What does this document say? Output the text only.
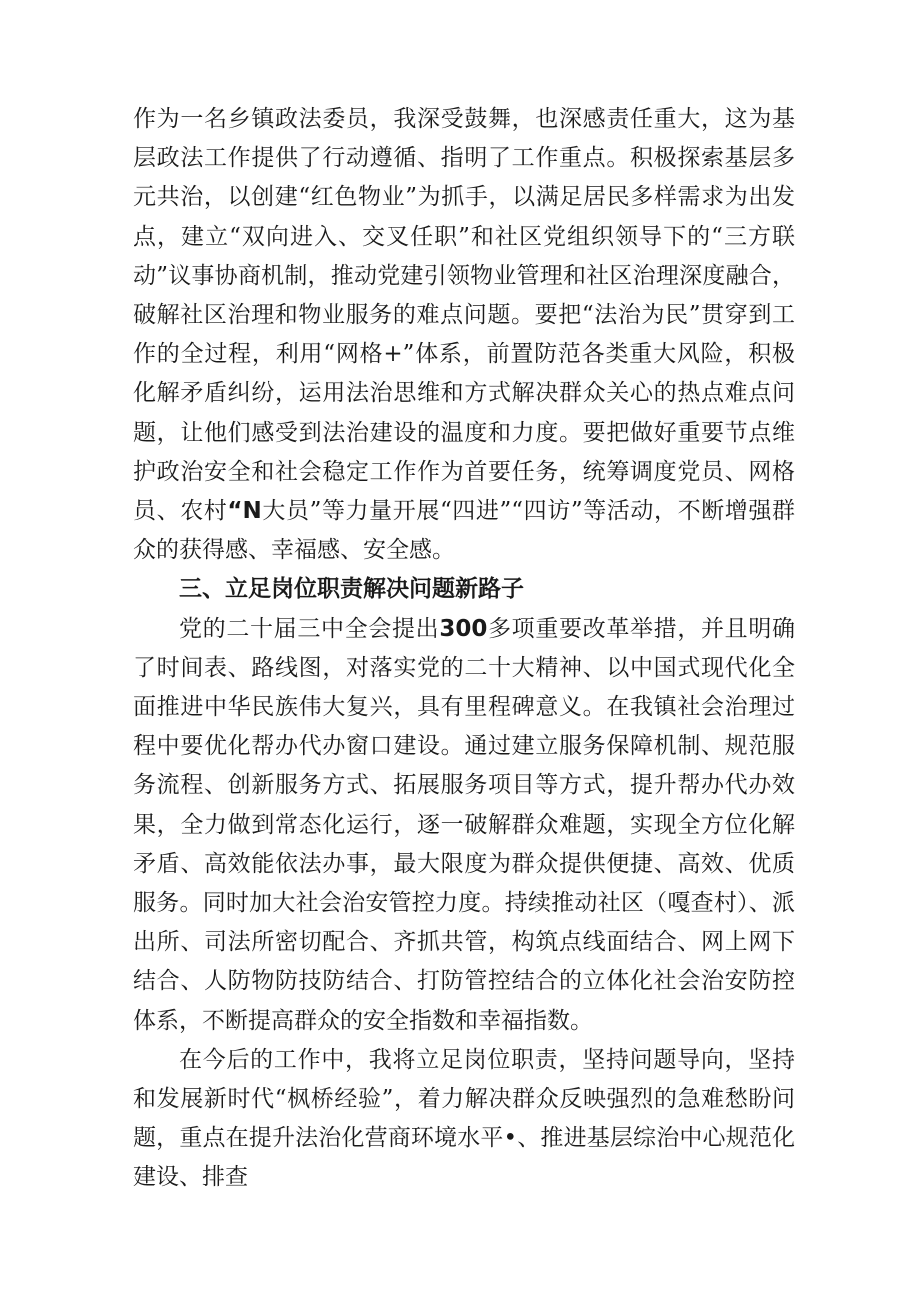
作为一名乡镇政法委员，我深受鼓舞，也深感责任重大，这为基层政法工作提供了行动遵循、指明了工作重点。积极探索基层多元共治，以创建“红色物业”为抓手，以满足居民多样需求为出发点，建立“双向进入、交叉任职”和社区党组织领导下的“三方联动”议事协商机制，推动党建引领物业管理和社区治理深度融合，破解社区治理和物业服务的难点问题。要把“法治为民”贯穿到工作的全过程，利用“网格+”体系，前置防范各类重大风险，积极化解矛盾纠纷，运用法治思维和方式解决群众关心的热点难点问题，让他们感受到法治建设的温度和力度。要把做好重要节点维护政治安全和社会稳定工作作为首要任务，统筹调度党员、网格员、农村“N大员”等力量开展“四进”“四访”等活动，不断增强群众的获得感、幸福感、安全感。

三、立足岗位职责解决问题新路子

党的二十届三中全会提出300多项重要改革举措，并且明确了时间表、路线图，对落实党的二十大精神、以中国式现代化全面推进中华民族伟大复兴，具有里程碑意义。在我镇社会治理过程中要优化帮办代办窗口建设。通过建立服务保障机制、规范服务流程、创新服务方式、拓展服务项目等方式，提升帮办代办效果，全力做到常态化运行，逐一破解群众难题，实现全方位化解矛盾、高效能依法办事，最大限度为群众提供便捷、高效、优质服务。同时加大社会治安管控力度。持续推动社区（嘎查村）、派出所、司法所密切配合、齐抓共管，构筑点线面结合、网上网下结合、人防物防技防结合、打防管控结合的立体化社会治安防控体系，不断提高群众的安全指数和幸福指数。

在今后的工作中，我将立足岗位职责，坚持问题导向，坚持和发展新时代“枫桥经验”，着力解决群众反映强烈的急难愁盼问题，重点在提升法治化营商环境水平•、推进基层综治中心规范化建设、排查
